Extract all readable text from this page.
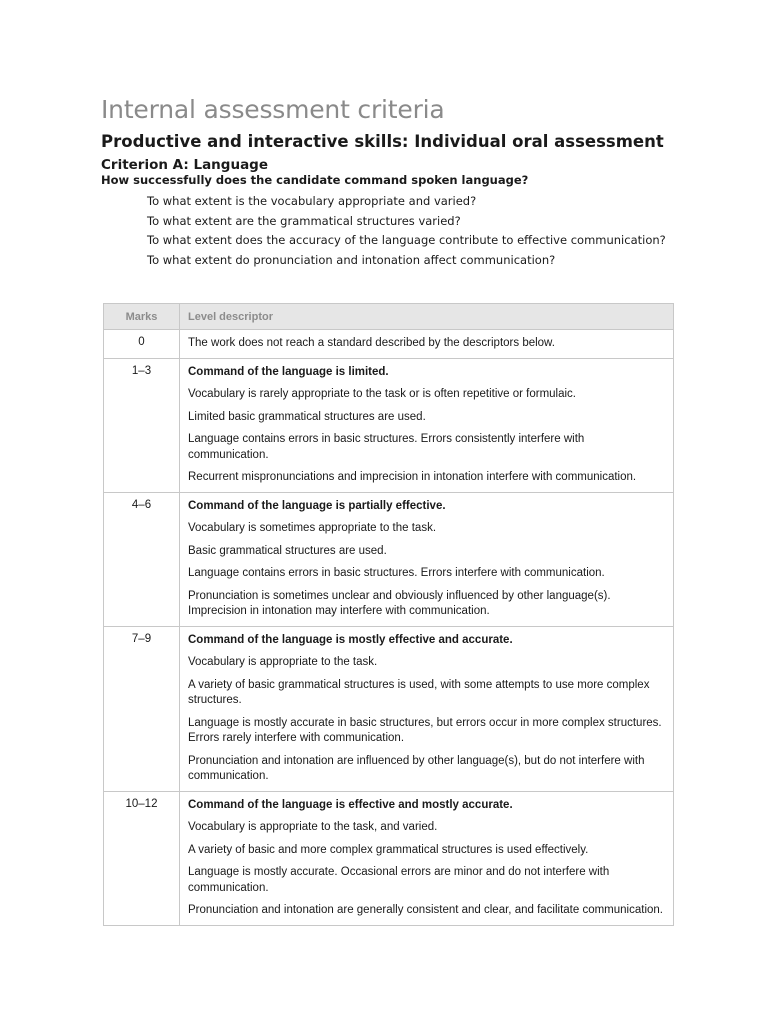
Internal assessment criteria
Productive and interactive skills: Individual oral assessment
Criterion A: Language

How successfully does the candidate command spoken language?

To what extent is the vocabulary appropriate and varied?

To what extent are the grammatical structures varied?

To what extent does the accuracy of the language contribute to effective communication?

To what extent do pronunciation and intonation affect communication?

Marks	Level descriptor
0	The work does not reach a standard described by the descriptors below.

1–3	Command of the language is limited.
Vocabulary is rarely appropriate to the task or is often repetitive or formulaic.
Limited basic grammatical structures are used.
Language contains errors in basic structures. Errors consistently interfere with communication.
Recurrent mispronunciations and imprecision in intonation interfere with communication.

4–6	Command of the language is partially effective.
Vocabulary is sometimes appropriate to the task.
Basic grammatical structures are used.
Language contains errors in basic structures. Errors interfere with communication.
Pronunciation is sometimes unclear and obviously influenced by other language(s). Imprecision in intonation may interfere with communication.

7–9	Command of the language is mostly effective and accurate.
Vocabulary is appropriate to the task.
A variety of basic grammatical structures is used, with some attempts to use more complex structures.
Language is mostly accurate in basic structures, but errors occur in more complex structures. Errors rarely interfere with communication.
Pronunciation and intonation are influenced by other language(s), but do not interfere with communication.

10–12	Command of the language is effective and mostly accurate.
Vocabulary is appropriate to the task, and varied.
A variety of basic and more complex grammatical structures is used effectively.
Language is mostly accurate. Occasional errors are minor and do not interfere with communication.
Pronunciation and intonation are generally consistent and clear, and facilitate communication.
